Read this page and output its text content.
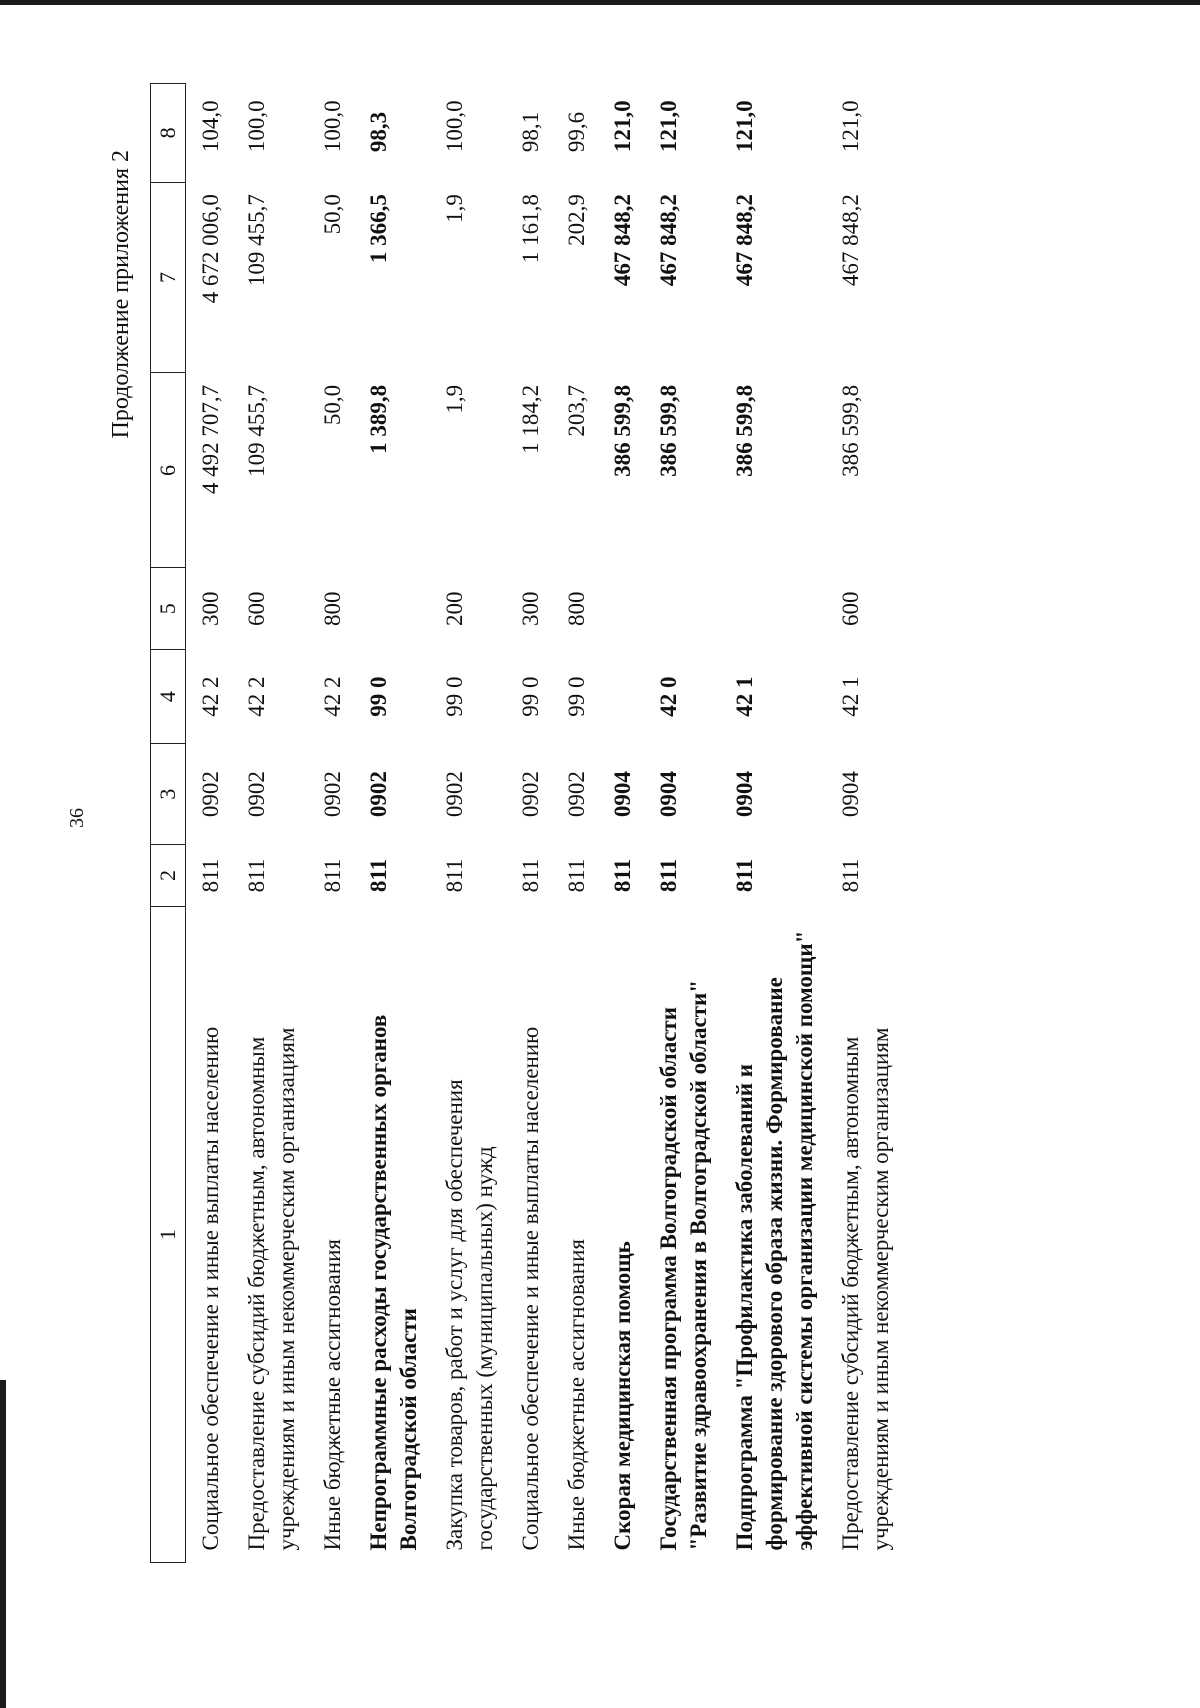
36
Продолжение приложения 2
1	2	3	4	5	6	7	8
Социальное обеспечение и иные выплаты населению	811	0902	42 2	300	4 492 707,7	4 672 006,0	104,0
Предоставление субсидий бюджетным, автономным учреждениям и иным некоммерческим организациям	811	0902	42 2	600	109 455,7	109 455,7	100,0
Иные бюджетные ассигнования	811	0902	42 2	800	50,0	50,0	100,0
Непрограммные расходы государственных органов Волгоградской области	811	0902	99 0		1 389,8	1 366,5	98,3
Закупка товаров, работ и услуг для обеспечения государственных (муниципальных) нужд	811	0902	99 0	200	1,9	1,9	100,0
Социальное обеспечение и иные выплаты населению	811	0902	99 0	300	1 184,2	1 161,8	98,1
Иные бюджетные ассигнования	811	0902	99 0	800	203,7	202,9	99,6
Скорая медицинская помощь	811	0904			386 599,8	467 848,2	121,0
Государственная программа Волгоградской области "Развитие здравоохранения в Волгоградской области"	811	0904	42 0		386 599,8	467 848,2	121,0
Подпрограмма "Профилактика заболеваний и формирование здорового образа жизни. Формирование эффективной системы организации медицинской помощи"	811	0904	42 1		386 599,8	467 848,2	121,0
Предоставление субсидий бюджетным, автономным учреждениям и иным некоммерческим организациям	811	0904	42 1	600	386 599,8	467 848,2	121,0
